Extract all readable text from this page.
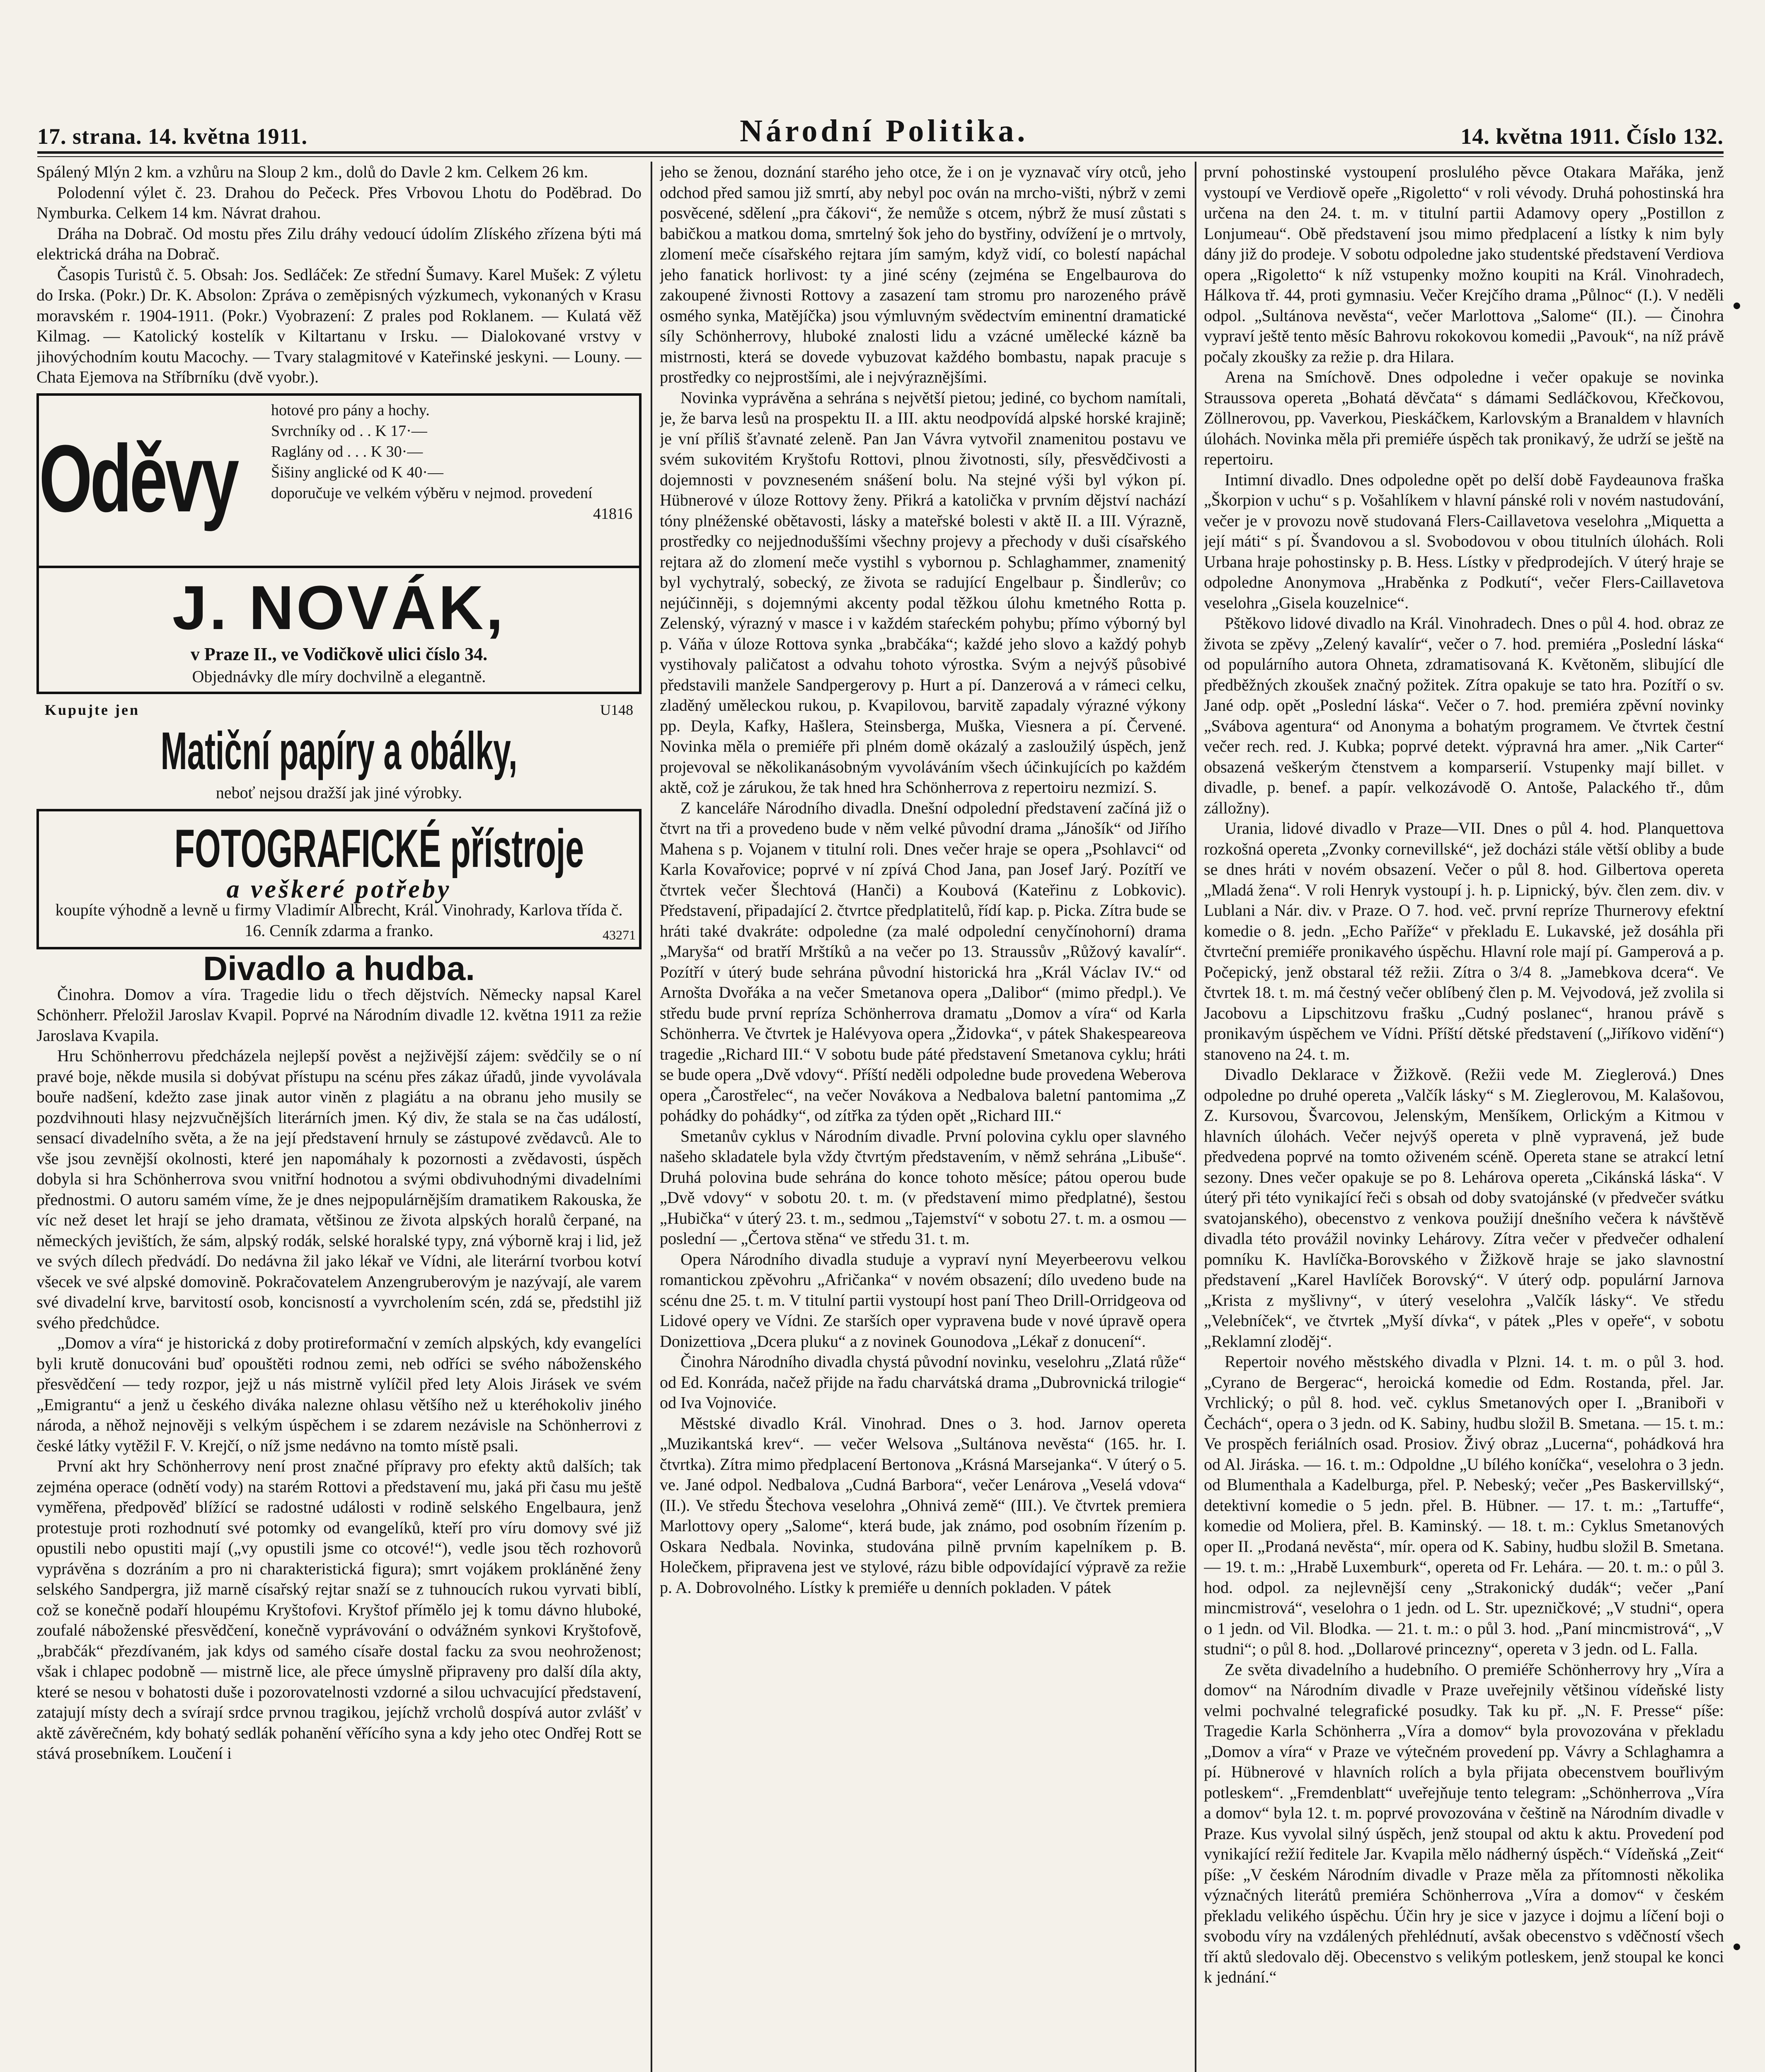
17. strana. 14. května 1911.	Národní Politika.	14. května 1911. Číslo 132.

Spálený Mlýn 2 km. a vzhůru na Sloup 2 km., dolů do Davle 2 km. Celkem 26 km.

Polodenní výlet č. 23. Drahou do Pečeck. Přes Vrbovou Lhotu do Poděbrad. Do Nymburka. Celkem 14 km. Návrat drahou.

Dráha na Dobrač. Od mostu přes Zilu dráhy vedoucí údolím Zlíského zřízena býti má elektrická dráha na Dobrač.

Časopis Turistů č. 5. Obsah: Jos. Sedláček: Ze střední Šumavy. Karel Mušek: Z výletu do Irska. (Pokr.) Dr. K. Absolon: Zpráva o zeměpisných výzkumech, vykonaných v Krasu moravském r. 1904-1911. (Pokr.) Vyobrazení: Z prales pod Roklanem. — Kulatá věž Kilmag. — Katolický kostelík v Kiltartanu v Irsku. — Dialokované vrstvy v jihovýchodním koutu Macochy. — Tvary stalagmitové v Kateřinské jeskyni. — Louny. — Chata Ejemova na Stříbrníku (dvě vyobr.).

Oděvy
hotové pro pány a hochy.
Svrchníky od . . K 17·—
Raglány od . . . K 30·—
Šišiny anglické od K 40·—
doporučuje ve velkém výběru v nejmod. provedení
41816
J. NOVÁK,
v Praze II., ve Vodičkově ulici číslo 34.
Objednávky dle míry dochvilně a elegantně.
Kupujte jen	U148
Matiční papíry a obálky,
neboť nejsou dražší jak jiné výrobky.
FOTOGRAFICKÉ přístroje
a veškeré potřeby
koupíte výhodně a levně u firmy Vladimír Albrecht, Král. Vinohrady, Karlova třída č. 16. Cenník zdarma a franko.	43271
Divadlo a hudba.

Činohra. Domov a víra. Tragedie lidu o třech dějstvích. Německy napsal Karel Schönherr. Přeložil Jaroslav Kvapil. Poprvé na Národním divadle 12. května 1911 za režie Jaroslava Kvapila.

Hru Schönherrovu předcházela nejlepší pověst a nejživější zájem: svědčily se o ní pravé boje, někde musila si dobývat přístupu na scénu přes zákaz úřadů, jinde vyvolávala bouře nadšení, kdežto zase jinak autor viněn z plagiátu a na obranu jeho musily se pozdvihnouti hlasy nejzvučnějších literárních jmen. Ký div, že stala se na čas událostí, sensací divadelního světa, a že na její představení hrnuly se zástupové zvědavců. Ale to vše jsou zevnější okolnosti, které jen napomáhaly k pozornosti a zvědavosti, úspěch dobyla si hra Schönherrova svou vnitřní hodnotou a svými obdivuhodnými divadelními přednostmi. O autoru samém víme, že je dnes nejpopulárnějším dramatikem Rakouska, že víc než deset let hrají se jeho dramata, většinou ze života alpských horalů čerpané, na německých jevištích, že sám, alpský rodák, selské horalské typy, zná výborně kraj i lid, jež ve svých dílech předvádí. Do nedávna žil jako lékař ve Vídni, ale literární tvorbou kotví všecek ve své alpské domovině. Pokračovatelem Anzengruberovým je nazývají, ale varem své divadelní krve, barvitostí osob, koncisností a vyvrcholením scén, zdá se, předstihl již svého předchůdce.

„Domov a víra“ je historická z doby protireformační v zemích alpských, kdy evangelíci byli krutě donucováni buď opouštěti rodnou zemi, neb odříci se svého náboženského přesvědčení — tedy rozpor, jejž u nás mistrně vylíčil před lety Alois Jirásek ve svém „Emigrantu“ a jenž u českého diváka nalezne ohlasu většího než u kteréhokoliv jiného národa, a něhož nejnověji s velkým úspěchem i se zdarem nezávisle na Schönherrovi z české látky vytěžil F. V. Krejčí, o níž jsme nedávno na tomto místě psali.

První akt hry Schönherrovy není prost značné přípravy pro efekty aktů dalších; tak zejména operace (odnětí vody) na starém Rottovi a představení mu, jaká při času mu ještě vyměřena, předpověď blížící se radostné události v rodině selského Engelbaura, jenž protestuje proti rozhodnutí své potomky od evangelíků, kteří pro víru domovy své již opustili nebo opustiti mají („vy opustili jsme co otcové!“), vedle jsou těch rozhovorů vyprávěna s dozráním a pro ni charakteristická figura); smrt vojákem prokláněné ženy selského Sandpergra, již marně císařský rejtar snaží se z tuhnoucích rukou vyrvati biblí, což se konečně podaří hloupému Kryštofovi. Kryštof přímělo jej k tomu dávno hluboké, zoufalé náboženské přesvědčení, konečně vyprávování o odvážném synkovi Kryštofově, „brabčák“ přezdívaném, jak kdys od samého císaře dostal facku za svou neohroženost; však i chlapec podobně — mistrně lice, ale přece úmyslně připraveny pro další díla akty, které se nesou v bohatosti duše i pozorovatelnosti vzdorné a silou uchvacující představení, zatajují místy dech a svírají srdce prvnou tragikou, jejíchž vrcholů dospívá autor zvlášť v aktě závěrečném, kdy bohatý sedlák pohanění věřícího syna a kdy jeho otec Ondřej Rott se stává prosebníkem. Loučení i

jeho se ženou, doznání starého jeho otce, že i on je vyznavač víry otců, jeho odchod před samou již smrtí, aby nebyl poc ován na mrcho-višti, nýbrž v zemi posvěcené, sdělení „pra čákovi“, že nemůže s otcem, nýbrž že musí zůstati s babičkou a matkou doma, smrtelný šok jeho do bystřiny, odvížení je o mrtvoly, zlomení meče císařského rejtara jím samým, když vidí, co bolestí napáchal jeho fanatick horlivost: ty a jiné scény (zejména se Engelbaurova do zakoupené živnosti Rottovy a zasazení tam stromu pro narozeného právě osmého synka, Matějíčka) jsou výmluvným svědectvím eminentní dramatické síly Schönherrovy, hluboké znalosti lidu a vzácné umělecké kázně ba mistrnosti, která se dovede vybuzovat každého bombastu, napak pracuje s prostředky co nejprostšími, ale i nejvýraznějšími.

Novinka vyprávěna a sehrána s největší pietou; jediné, co bychom namítali, je, že barva lesů na prospektu II. a III. aktu neodpovídá alpské horské krajině; je vní příliš šťavnaté zeleně. Pan Jan Vávra vytvořil znamenitou postavu ve svém sukovitém Kryštofu Rottovi, plnou životnosti, síly, přesvědčivosti a dojemnosti v povzneseném snášení bolu. Na stejné výši byl výkon pí. Hübnerové v úloze Rottovy ženy. Přikrá a katolička v prvním dějství nachází tóny plnéženské obětavosti, lásky a mateřské bolesti v aktě II. a III. Výrazně, prostředky co nejjednoduššími všechny projevy a přechody v duši císařského rejtara až do zlomení meče vystihl s vybornou p. Schlaghammer, znamenitý byl vychytralý, sobecký, ze života se radující Engelbaur p. Šindlerův; co nejúčinněji, s dojemnými akcenty podal těžkou úlohu kmetného Rotta p. Zelenský, výrazný v masce i v každém staŕeckém pohybu; přímo výborný byl p. Váňa v úloze Rottova synka „brabčáka“; každé jeho slovo a každý pohyb vystihovaly paličatost a odvahu tohoto výrostka. Svým a nejvýš působivé představili manžele Sandpergerovy p. Hurt a pí. Danzerová a v rámeci celku, zladěný uměleckou rukou, p. Kvapilovou, barvitě zapadaly výrazné výkony pp. Deyla, Kafky, Hašlera, Steinsberga, Muška, Viesnera a pí. Červené. Novinka měla o premiéře při plném domě okázalý a zasloužilý úspěch, jenž projevoval se několikanásobným vyvoláváním všech účinkujících po každém aktě, což je zárukou, že tak hned hra Schönherrova z repertoiru nezmizí. S.

Z kanceláře Národního divadla. Dnešní odpolední představení začíná již o čtvrt na tři a provedeno bude v něm velké původní drama „Jánošík“ od Jiřího Mahena s p. Vojanem v titulní roli. Dnes večer hraje se opera „Psohlavci“ od Karla Kovařovice; poprvé v ní zpívá Chod Jana, pan Josef Jarý. Pozítří ve čtvrtek večer Šlechtová (Hanči) a Koubová (Kateřinu z Lobkovic). Představení, připadající 2. čtvrtce předplatitelů, řídí kap. p. Picka. Zítra bude se hráti také dvakráte: odpoledne (za malé odpolední cenyčínohorní) drama „Maryša“ od bratří Mrštíků a na večer po 13. Straussův „Růžový kavalír“. Pozítří v úterý bude sehrána původní historická hra „Král Václav IV.“ od Arnošta Dvořáka a na večer Smetanova opera „Dalibor“ (mimo předpl.). Ve středu bude první repríza Schönherrova dramatu „Domov a víra“ od Karla Schönherra. Ve čtvrtek je Halévyova opera „Židovka“, v pátek Shakespeareova tragedie „Richard III.“ V sobotu bude páté představení Smetanova cyklu; hráti se bude opera „Dvě vdovy“. Příští neděli odpoledne bude provedena Weberova opera „Čarostřelec“, na večer Novákova a Nedbalova baletní pantomima „Z pohádky do pohádky“, od zítřka za týden opět „Richard III.“

Smetanův cyklus v Národním divadle. První polovina cyklu oper slavného našeho skladatele byla vždy čtvrtým představením, v němž sehrána „Libuše“. Druhá polovina bude sehrána do konce tohoto měsíce; pátou operou bude „Dvě vdovy“ v sobotu 20. t. m. (v představení mimo předplatné), šestou „Hubička“ v úterý 23. t. m., sedmou „Tajemství“ v sobotu 27. t. m. a osmou — poslední — „Čertova stěna“ ve středu 31. t. m.

Opera Národního divadla studuje a vypraví nyní Meyerbeerovu velkou romantickou zpěvohru „Afričanka“ v novém obsazení; dílo uvedeno bude na scénu dne 25. t. m. V titulní partii vystoupí host paní Theo Drill-Orridgeova od Lidové opery ve Vídni. Ze starších oper vypravena bude v nové úpravě opera Donizettiova „Dcera pluku“ a z novinek Gounodova „Lékař z donucení“.

Činohra Národního divadla chystá původní novinku, veselohru „Zlatá růže“ od Ed. Konráda, načež přijde na řadu charvátská drama „Dubrovnická trilogie“ od Iva Vojnoviće.

Městské divadlo Král. Vinohrad. Dnes o 3. hod. Jarnov opereta „Muzikantská krev“. — večer Welsova „Sultánova nevěsta“ (165. hr. I. čtvrtka). Zítra mimo předplacení Bertonova „Krásná Marsejanka“. V úterý o 5. ve. Jané odpol. Nedbalova „Cudná Barbora“, večer Lenárova „Veselá vdova“ (II.). Ve středu Štechova veselohra „Ohnivá země“ (III.). Ve čtvrtek premiera Marlottovy opery „Salome“, která bude, jak známo, pod osobním řízením p. Oskara Nedbala. Novinka, studována pilně prvním kapelníkem p. B. Holečkem, připravena jest ve stylové, rázu bible odpovídající výpravě za režie p. A. Dobrovolného. Lístky k premiéře u denních pokladen. V pátek

první pohostinské vystoupení proslulého pěvce Otakara Mařáka, jenž vystoupí ve Verdiově opeře „Rigoletto“ v roli vévody. Druhá pohostinská hra určena na den 24. t. m. v titulní partii Adamovy opery „Postillon z Lonjumeau“. Obě představení jsou mimo předplacení a lístky k nim byly dány již do prodeje. V sobotu odpoledne jako studentské představení Verdiova opera „Rigoletto“ k níž vstupenky možno koupiti na Král. Vinohradech, Hálkova tř. 44, proti gymnasiu. Večer Krejčího drama „Půlnoc“ (I.). V neděli odpol. „Sultánova nevěsta“, večer Marlottova „Salome“ (II.). — Činohra vypraví ještě tento měsíc Bahrovu rokokovou komedii „Pavouk“, na níž právě počaly zkoušky za režie p. dra Hilara.

Arena na Smíchově. Dnes odpoledne i večer opakuje se novinka Straussova opereta „Bohatá děvčata“ s dámami Sedláčkovou, Křečkovou, Zöllnerovou, pp. Vaverkou, Pieskáčkem, Karlovským a Branaldem v hlavních úlohách. Novinka měla při premiéře úspěch tak pronikavý, že udrží se ještě na repertoiru.

Intimní divadlo. Dnes odpoledne opět po delší době Faydeaunova fraška „Škorpion v uchu“ s p. Vošahlíkem v hlavní pánské roli v novém nastudování, večer je v provozu nově studovaná Flers-Caillavetova veselohra „Miquetta a její máti“ s pí. Švandovou a sl. Svobodovou v obou titulních úlohách. Roli Urbana hraje pohostinsky p. B. Hess. Lístky v předprodejích. V úterý hraje se odpoledne Anonymova „Hraběnka z Podkutí“, večer Flers-Caillavetova veselohra „Gisela kouzelnice“.

Pštěkovo lidové divadlo na Král. Vinohradech. Dnes o půl 4. hod. obraz ze života se zpěvy „Zelený kavalír“, večer o 7. hod. premiéra „Poslední láska“ od populárního autora Ohneta, zdramatisovaná K. Květoněm, slibující dle předběžných zkoušek značný požitek. Zítra opakuje se tato hra. Pozítří o sv. Jané odp. opět „Poslední láska“. Večer o 7. hod. premiéra zpěvní novinky „Svábova agentura“ od Anonyma a bohatým programem. Ve čtvrtek čestní večer rech. red. J. Kubka; poprvé detekt. výpravná hra amer. „Nik Carter“ obsazená veškerým čtenstvem a komparserií. Vstupenky mají billet. v divadle, p. benef. a papír. velkozávodě O. Antoše, Palackého tř., dům zálložny).

Urania, lidové divadlo v Praze—VII. Dnes o půl 4. hod. Planquettova rozkošná opereta „Zvonky cornevillské“, jež docházi stále větší obliby a bude se dnes hráti v novém obsazení. Večer o půl 8. hod. Gilbertova opereta „Mladá žena“. V roli Henryk vystoupí j. h. p. Lipnický, býv. člen zem. div. v Lublani a Nár. div. v Praze. O 7. hod. več. první repríze Thurnerovy efektní komedie o 8. jedn. „Echo Paříže“ v překladu E. Lukavské, jež dosáhla při čtvrteční premiéře pronikavého úspěchu. Hlavní role mají pí. Gamperová a p. Počepický, jenž obstaral též režii. Zítra o 3/4 8. „Jamebkova dcera“. Ve čtvrtek 18. t. m. má čestný večer oblíbený člen p. M. Vejvodová, jež zvolila si Jacobovu a Lipschitzovu frašku „Cudný poslanec“, hranou právě s pronikavým úspěchem ve Vídni. Příští dětské představení („Jiříkovo vidění“) stanoveno na 24. t. m.

Divadlo Deklarace v Žižkově. (Režii vede M. Zieglerová.) Dnes odpoledne po druhé opereta „Valčík lásky“ s M. Zieglerovou, M. Kalašovou, Z. Kursovou, Švarcovou, Jelenským, Menšíkem, Orlickým a Kitmou v hlavních úlohách. Večer nejvýš opereta v plně vypravená, jež bude předvedena poprvé na tomto oživeném scéně. Opereta stane se atrakcí letní sezony. Dnes večer opakuje se po 8. Lehárova opereta „Cikánská láska“. V úterý při této vynikající řeči s obsah od doby svatojánské (v předvečer svátku svatojanského), obecenstvo z venkova použijí dnešního večera k návštěvě divadla této provážil novinky Lehárovy. Zítra večer v předvečer odhalení pomníku K. Havlíčka-Borovského v Žižkově hraje se jako slavnostní představení „Karel Havlíček Borovský“. V úterý odp. populární Jarnova „Krista z myšlivny“, v úterý veselohra „Valčík lásky“. Ve středu „Velebníček“, ve čtvrtek „Myší dívka“, v pátek „Ples v opeře“, v sobotu „Reklamní zloděj“.

Repertoir nového městského divadla v Plzni. 14. t. m. o půl 3. hod. „Cyrano de Bergerac“, heroická komedie od Edm. Rostanda, přel. Jar. Vrchlický; o půl 8. hod. več. cyklus Smetanových oper I. „Braniboři v Čechách“, opera o 3 jedn. od K. Sabiny, hudbu složil B. Smetana. — 15. t. m.: Ve prospěch feriálních osad. Prosiov. Živý obraz „Lucerna“, pohádková hra od Al. Jiráska. — 16. t. m.: Odpoldne „U bílého koníčka“, veselohra o 3 jedn. od Blumenthala a Kadelburga, přel. P. Nebeský; večer „Pes Baskervillský“, detektivní komedie o 5 jedn. přel. B. Hübner. — 17. t. m.: „Tartuffe“, komedie od Moliera, přel. B. Kaminský. — 18. t. m.: Cyklus Smetanových oper II. „Prodaná nevěsta“, mír. opera od K. Sabiny, hudbu složil B. Smetana. — 19. t. m.: „Hrabě Luxemburk“, opereta od Fr. Lehára. — 20. t. m.: o půl 3. hod. odpol. za nejlevnější ceny „Strakonický dudák“; večer „Paní mincmistrová“, veselohra o 1 jedn. od L. Str. upezničkové; „V studni“, opera o 1 jedn. od Vil. Blodka. — 21. t. m.: o půl 3. hod. „Paní mincmistrová“, „V studni“; o půl 8. hod. „Dollarové princezny“, opereta v 3 jedn. od L. Falla.

Ze světa divadelního a hudebního. O premiéře Schönherrovy hry „Víra a domov“ na Národním divadle v Praze uveřejnily většinou vídeňské listy velmi pochvalné telegrafické posudky. Tak ku př. „N. F. Presse“ píše: Tragedie Karla Schönherra „Víra a domov“ byla provozována v překladu „Domov a víra“ v Praze ve výtečném provedení pp. Vávry a Schlaghamra a pí. Hübnerové v hlavních rolích a byla přijata obecenstvem bouřlivým potleskem“. „Fremdenblatt“ uveřejňuje tento telegram: „Schönherrova „Víra a domov“ byla 12. t. m. poprvé provozována v češtině na Národním divadle v Praze. Kus vyvolal silný úspěch, jenž stoupal od aktu k aktu. Provedení pod vynikající režií ředitele Jar. Kvapila mělo nádherný úspěch.“ Vídeňská „Zeit“ píše: „V českém Národním divadle v Praze měla za přítomnosti několika význačných literátů premiéra Schönherrova „Víra a domov“ v českém překladu velikého úspěchu. Účin hry je sice v jazyce i dojmu a líčení boji o svobodu víry na vzdálených přehlédnutí, avšak obecenstvo s vděčností všech tří aktů sledovalo děj. Obecenstvo s velikým potleskem, jenž stoupal ke konci k jednání.“
